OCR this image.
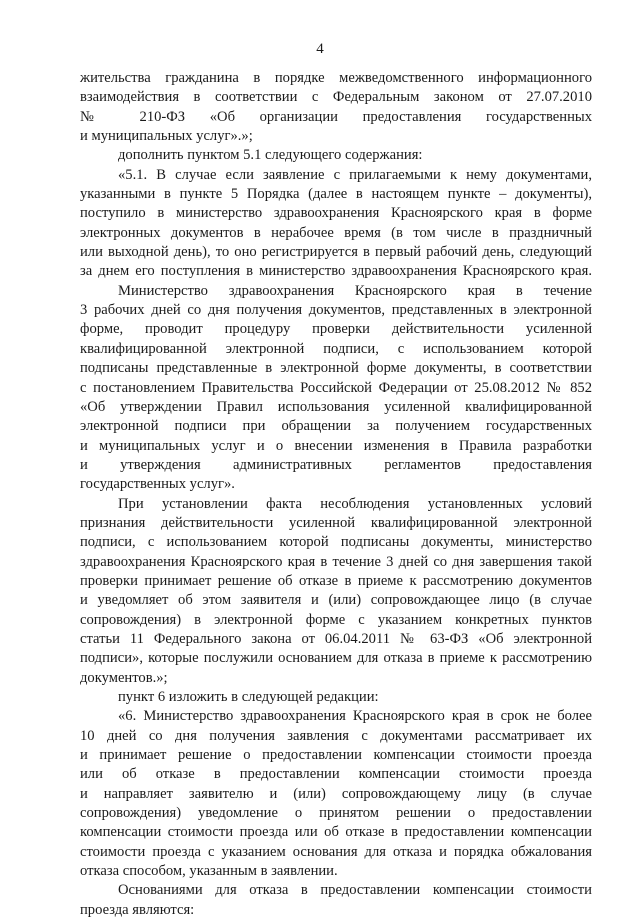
4
жительства гражданина в порядке межведомственного информационного
взаимодействия в соответствии с Федеральным законом от 27.07.2010
№ 210-ФЗ «Об организации предоставления государственных
и муниципальных услуг».»;
дополнить пунктом 5.1 следующего содержания:
«5.1. В случае если заявление с прилагаемыми к нему документами,
указанными в пункте 5 Порядка (далее в настоящем пункте – документы),
поступило в министерство здравоохранения Красноярского края в форме
электронных документов в нерабочее время (в том числе в праздничный
или выходной день), то оно регистрируется в первый рабочий день, следующий
за днем его поступления в министерство здравоохранения Красноярского края.
Министерство здравоохранения Красноярского края в течение
3 рабочих дней со дня получения документов, представленных в электронной
форме, проводит процедуру проверки действительности усиленной
квалифицированной электронной подписи, с использованием которой
подписаны представленные в электронной форме документы, в соответствии
с постановлением Правительства Российской Федерации от 25.08.2012 № 852
«Об утверждении Правил использования усиленной квалифицированной
электронной подписи при обращении за получением государственных
и муниципальных услуг и о внесении изменения в Правила разработки
и утверждения административных регламентов предоставления
государственных услуг».
При установлении факта несоблюдения установленных условий
признания действительности усиленной квалифицированной электронной
подписи, с использованием которой подписаны документы, министерство
здравоохранения Красноярского края в течение 3 дней со дня завершения такой
проверки принимает решение об отказе в приеме к рассмотрению документов
и уведомляет об этом заявителя и (или) сопровождающее лицо (в случае
сопровождения) в электронной форме с указанием конкретных пунктов
статьи 11 Федерального закона от 06.04.2011 № 63-ФЗ «Об электронной
подписи», которые послужили основанием для отказа в приеме к рассмотрению
документов.»;
пункт 6 изложить в следующей редакции:
«6. Министерство здравоохранения Красноярского края в срок не более
10 дней со дня получения заявления с документами рассматривает их
и принимает решение о предоставлении компенсации стоимости проезда
или об отказе в предоставлении компенсации стоимости проезда
и направляет заявителю и (или) сопровождающему лицу (в случае
сопровождения) уведомление о принятом решении о предоставлении
компенсации стоимости проезда или об отказе в предоставлении компенсации
стоимости проезда с указанием основания для отказа и порядка обжалования
отказа способом, указанным в заявлении.
Основаниями для отказа в предоставлении компенсации стоимости
проезда являются:
